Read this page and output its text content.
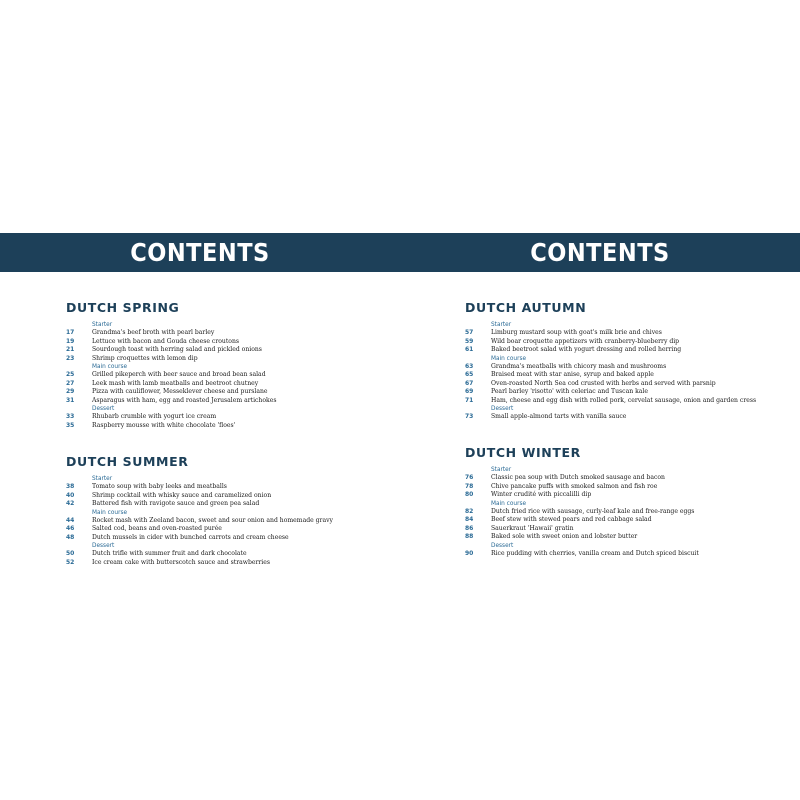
CONTENTS	CONTENTS
DUTCH SPRING
Starter
17	Grandma's beef broth with pearl barley
19	Lettuce with bacon and Gouda cheese croutons
21	Sourdough toast with herring salad and pickled onions
23	Shrimp croquettes with lemon dip
Main course
25	Grilled pikeperch with beer sauce and broad bean salad
27	Leek mash with lamb meatballs and beetroot chutney
29	Pizza with cauliflower, Messeklever cheese and purslane
31	Asparagus with ham, egg and roasted Jerusalem artichokes
Dessert
33	Rhubarb crumble with yogurt ice cream
35	Raspberry mousse with white chocolate 'floes'
DUTCH SUMMER
Starter
38	Tomato soup with baby leeks and meatballs
40	Shrimp cocktail with whisky sauce and caramelized onion
42	Battered fish with ravigote sauce and green pea salad
Main course
44	Rocket mash with Zeeland bacon, sweet and sour onion and homemade gravy
46	Salted cod, beans and oven-roasted purée
48	Dutch mussels in cider with bunched carrots and cream cheese
Dessert
50	Dutch trifle with summer fruit and dark chocolate
52	Ice cream cake with butterscotch sauce and strawberries
DUTCH AUTUMN
Starter
57	Limburg mustard soup with goat's milk brie and chives
59	Wild boar croquette appetizers with cranberry-blueberry dip
61	Baked beetroot salad with yogurt dressing and rolled herring
Main course
63	Grandma's meatballs with chicory mash and mushrooms
65	Braised meat with star anise, syrup and baked apple
67	Oven-roasted North Sea cod crusted with herbs and served with parsnip
69	Pearl barley 'risotto' with celeriac and Tuscan kale
71	Ham, cheese and egg dish with rolled pork, cervelat sausage, onion and garden cress
Dessert
73	Small apple-almond tarts with vanilla sauce
DUTCH WINTER
Starter
76	Classic pea soup with Dutch smoked sausage and bacon
78	Chive pancake puffs with smoked salmon and fish roe
80	Winter crudité with piccalilli dip
Main course
82	Dutch fried rice with sausage, curly-leaf kale and free-range eggs
84	Beef stew with stewed pears and red cabbage salad
86	Sauerkraut 'Hawaii' gratin
88	Baked sole with sweet onion and lobster butter
Dessert
90	Rice pudding with cherries, vanilla cream and Dutch spiced biscuit
